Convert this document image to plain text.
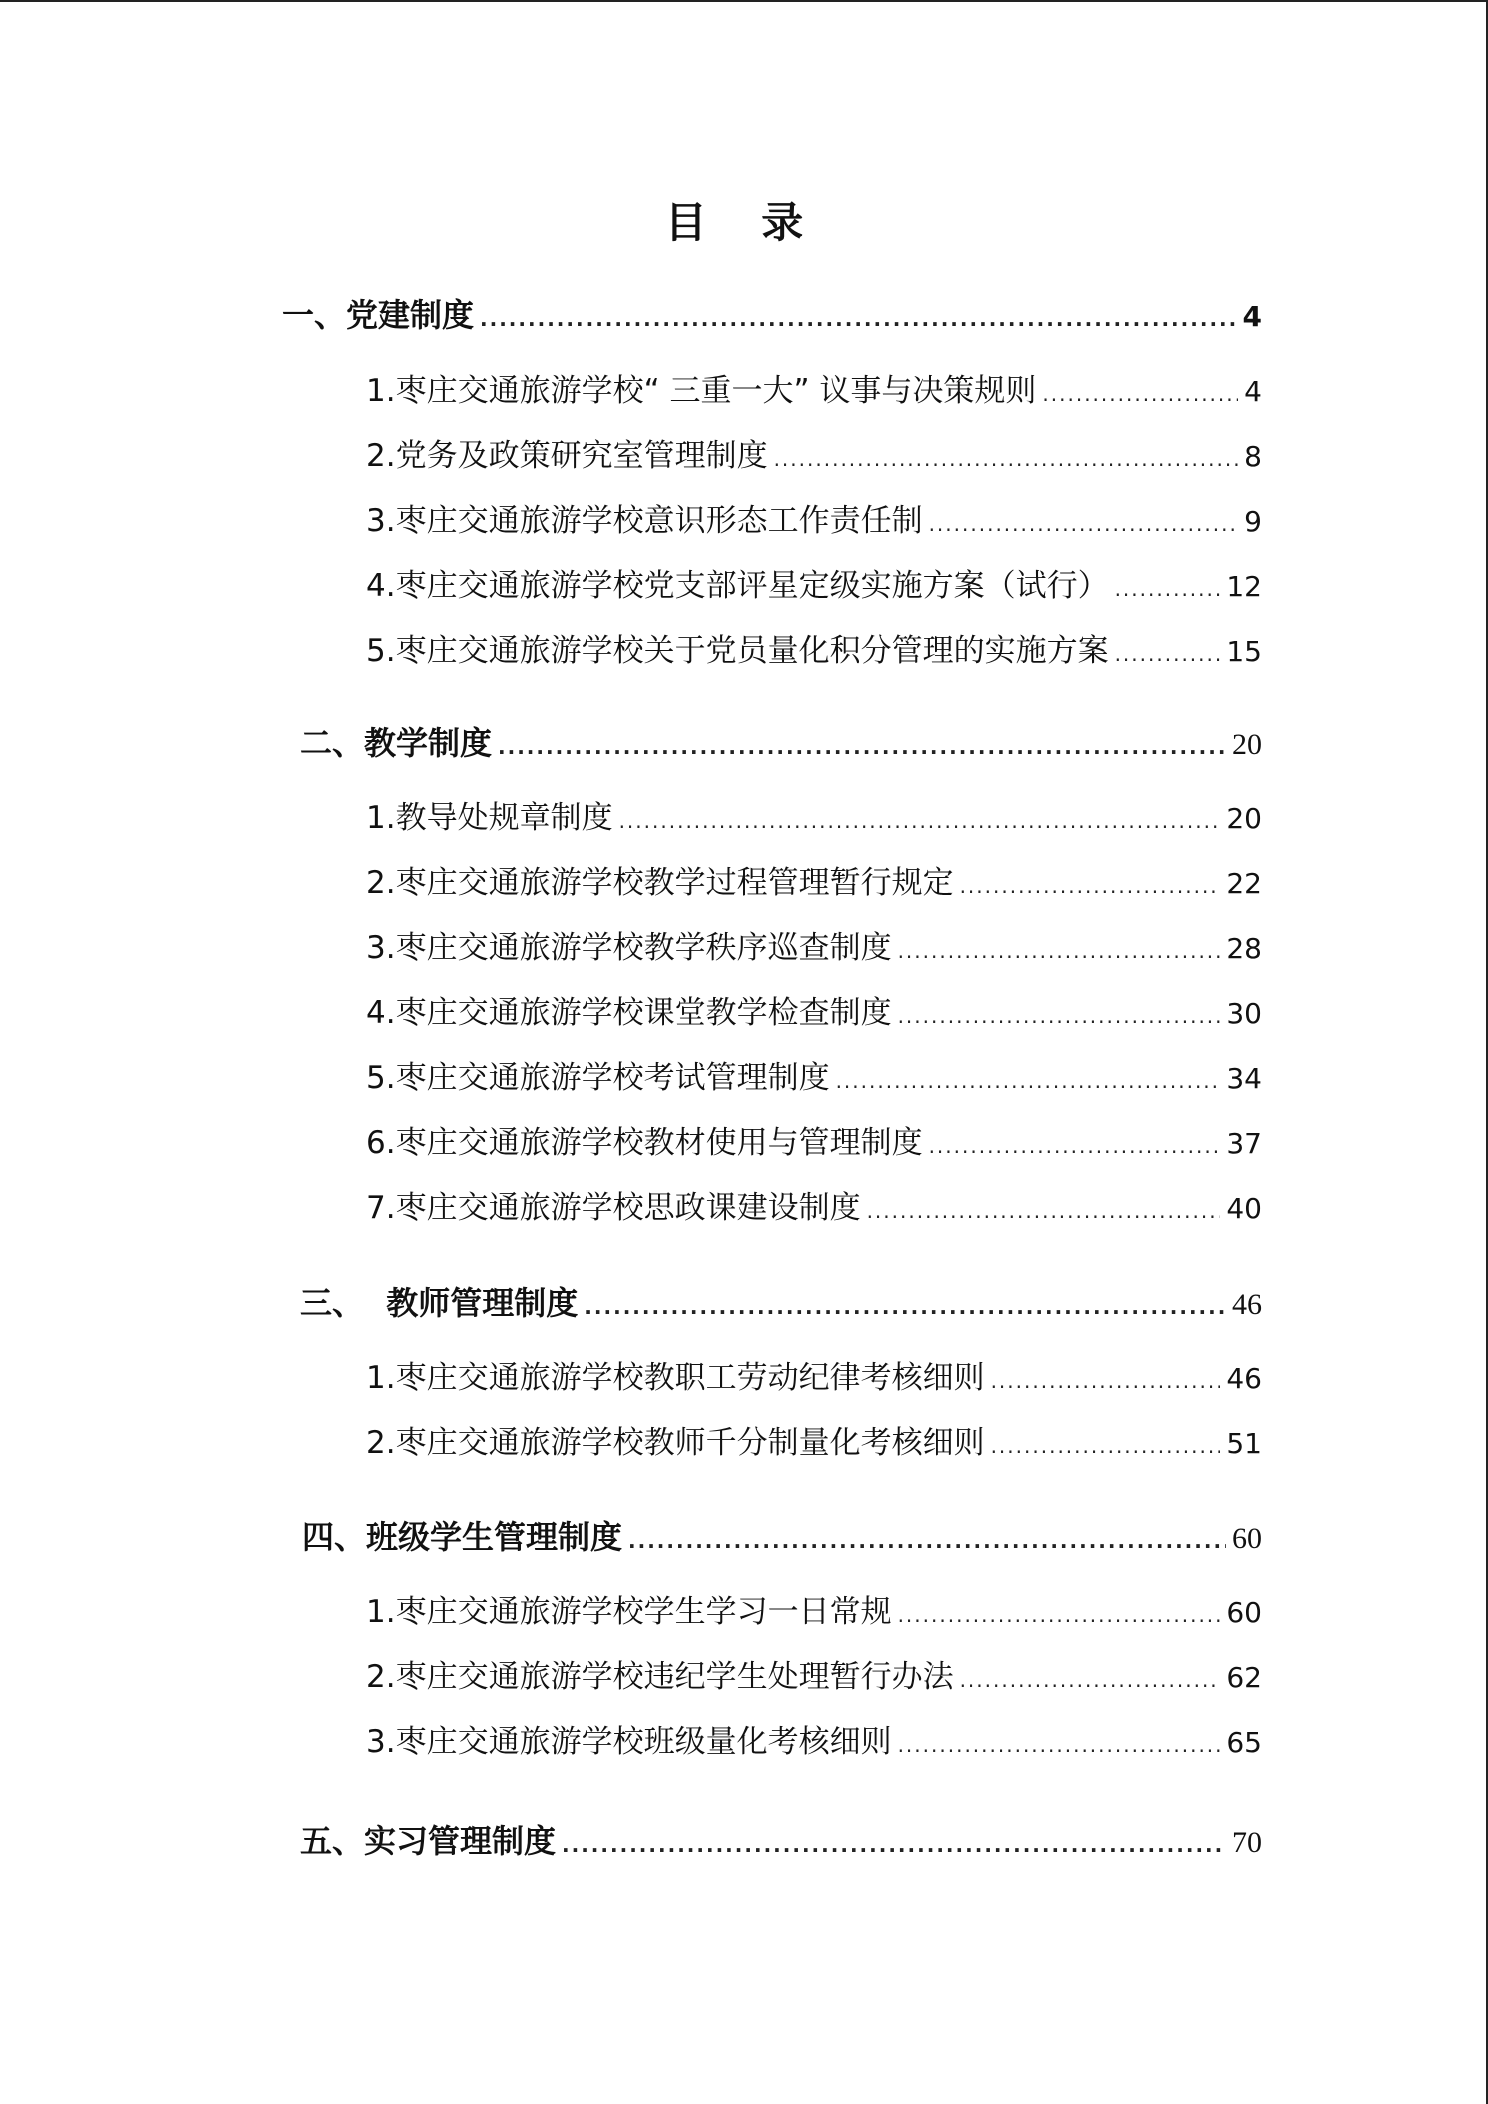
目 录
一、党建制度 .....	4
1.枣庄交通旅游学校“ 三重一大” 议事与决策规则 .....	4
2.党务及政策研究室管理制度 .....	8
3.枣庄交通旅游学校意识形态工作责任制 .....	9
4.枣庄交通旅游学校党支部评星定级实施方案（试行） .....	12
5.枣庄交通旅游学校关于党员量化积分管理的实施方案 .....	15
二、教学制度 .....	20
1.教导处规章制度 .....	20
2.枣庄交通旅游学校教学过程管理暂行规定 .....	22
3.枣庄交通旅游学校教学秩序巡查制度 .....	28
4.枣庄交通旅游学校课堂教学检查制度 .....	30
5.枣庄交通旅游学校考试管理制度 .....	34
6.枣庄交通旅游学校教材使用与管理制度 .....	37
7.枣庄交通旅游学校思政课建设制度 .....	40
三、  教师管理制度 .....	46
1.枣庄交通旅游学校教职工劳动纪律考核细则 .....	46
2.枣庄交通旅游学校教师千分制量化考核细则 .....	51
四、班级学生管理制度 .....	60
1.枣庄交通旅游学校学生学习一日常规 .....	60
2.枣庄交通旅游学校违纪学生处理暂行办法 .....	62
3.枣庄交通旅游学校班级量化考核细则 .....	65
五、实习管理制度 .....	70
